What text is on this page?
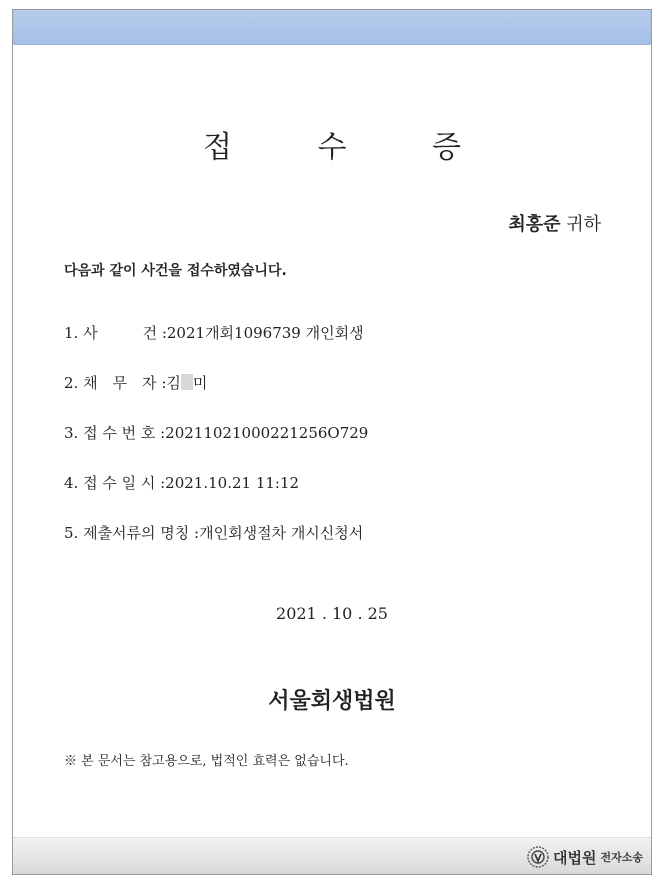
접 수 증
최홍준 귀하
다음과 같이 사건을 접수하였습니다.
1. 사　　　건 :2021개회1096739 개인회생
2. 채　무　자 :김 미
3. 접 수 번 호 :20211021000221256O729
4. 접 수 일 시 :2021.10.21 11:12
5. 제출서류의 명칭 :개인회생절차 개시신청서
2021 . 10 . 25
서울회생법원
※ 본 문서는 참고용으로, 법적인 효력은 없습니다.
대법원 전자소송
